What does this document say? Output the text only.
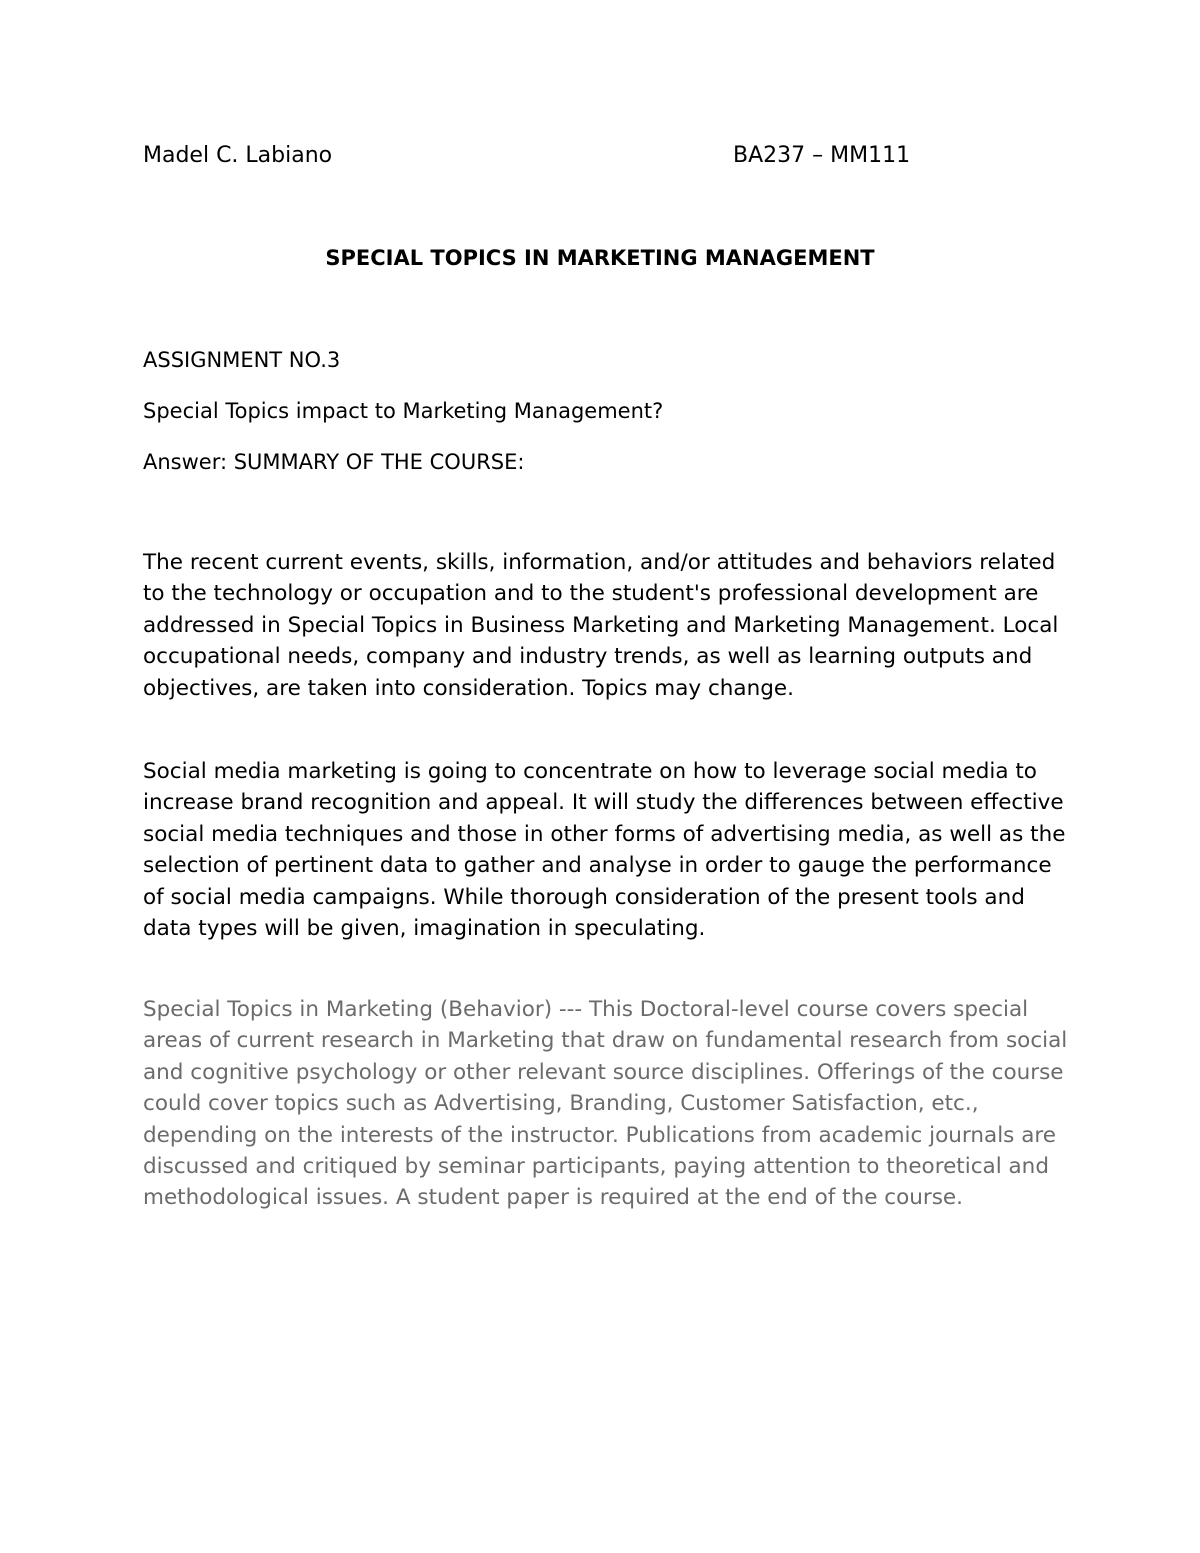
Madel C. Labiano	BA237 – MM111
SPECIAL TOPICS IN MARKETING MANAGEMENT
ASSIGNMENT NO.3
Special Topics impact to Marketing Management?
Answer: SUMMARY OF THE COURSE:

The recent current events, skills, information, and/or attitudes and behaviors related to the technology or occupation and to the student's professional development are addressed in Special Topics in Business Marketing and Marketing Management. Local occupational needs, company and industry trends, as well as learning outputs and objectives, are taken into consideration. Topics may change.

Social media marketing is going to concentrate on how to leverage social media to increase brand recognition and appeal. It will study the differences between effective social media techniques and those in other forms of advertising media, as well as the selection of pertinent data to gather and analyse in order to gauge the performance of social media campaigns. While thorough consideration of the present tools and data types will be given, imagination in speculating.

Special Topics in Marketing (Behavior) --- This Doctoral-level course covers special areas of current research in Marketing that draw on fundamental research from social and cognitive psychology or other relevant source disciplines. Offerings of the course could cover topics such as Advertising, Branding, Customer Satisfaction, etc., depending on the interests of the instructor. Publications from academic journals are discussed and critiqued by seminar participants, paying attention to theoretical and methodological issues. A student paper is required at the end of the course.
